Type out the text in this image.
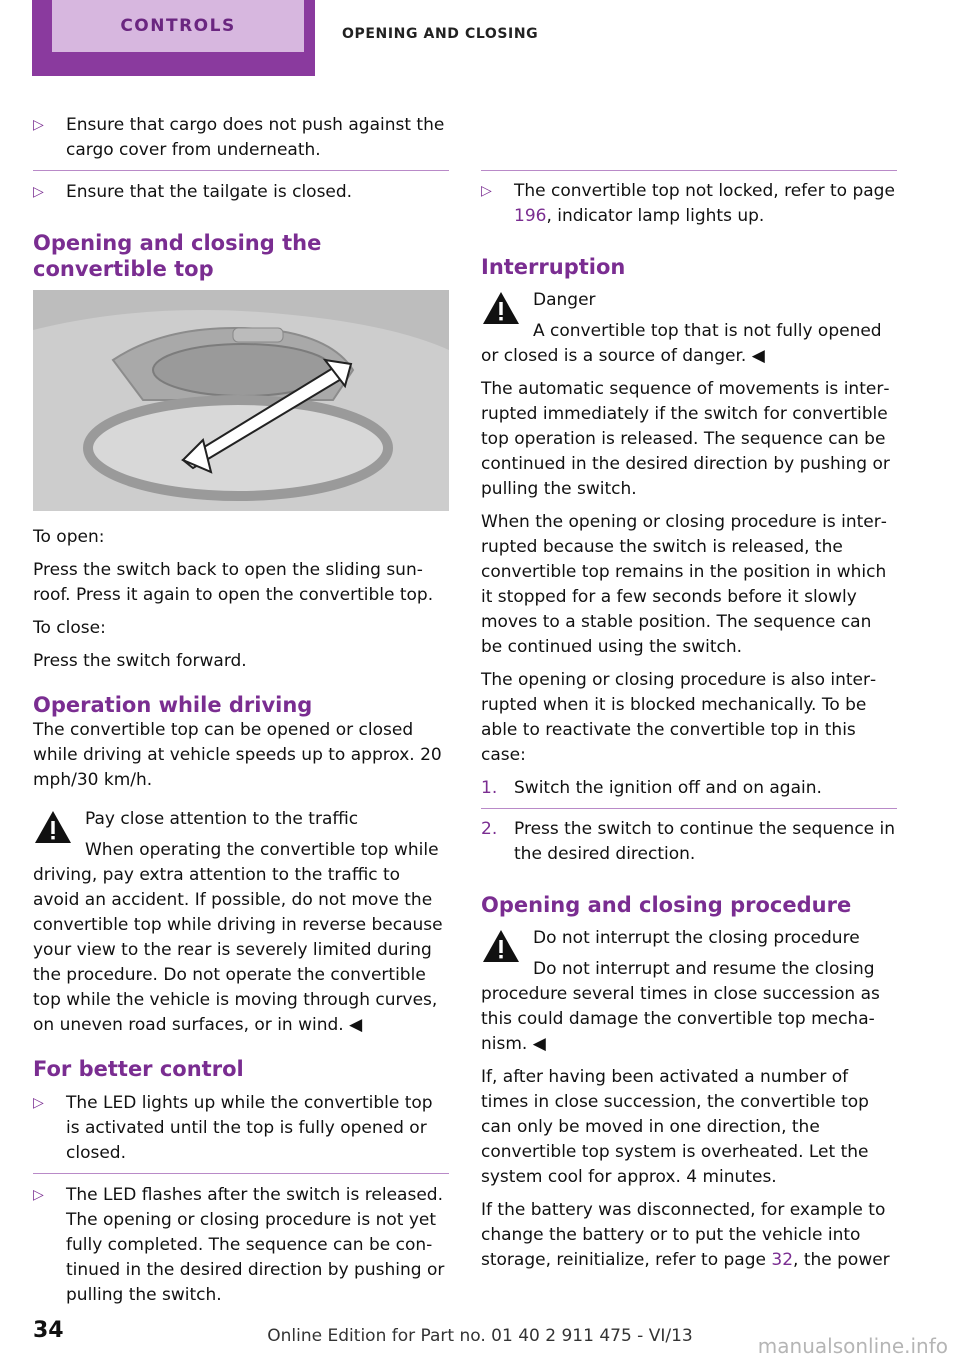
CONTROLS	OPENING AND CLOSING
▷ Ensure that cargo does not push against the cargo cover from underneath.
▷ Ensure that the tailgate is closed.
Opening and closing the convertible top

To open:

Press the switch back to open the sliding sunroof. Press it again to open the convertible top.

To close:

Press the switch forward.

Operation while driving

The convertible top can be opened or closed while driving at vehicle speeds up to approx. 20 mph/30 km/h.

Pay close attention to the traffic

When operating the convertible top while driving, pay extra attention to the traffic to avoid an accident. If possible, do not move the convertible top while driving in reverse because your view to the rear is severely limited during the procedure. Do not operate the convertible top while the vehicle is moving through curves, on uneven road surfaces, or in wind. ◀

For better control
▷ The LED lights up while the convertible top is activated until the top is fully opened or closed.
▷ The LED flashes after the switch is released. The opening or closing procedure is not yet fully completed. The sequence can be continued in the desired direction by pushing or pulling the switch.
▷ The convertible top not locked, refer to page 196, indicator lamp lights up.
Interruption

Danger

A convertible top that is not fully opened or closed is a source of danger. ◀

The automatic sequence of movements is interrupted immediately if the switch for convertible top operation is released. The sequence can be continued in the desired direction by pushing or pulling the switch.

When the opening or closing procedure is interrupted because the switch is released, the convertible top remains in the position in which it stopped for a few seconds before it slowly moves to a stable position. The sequence can be continued using the switch.

The opening or closing procedure is also interrupted when it is blocked mechanically. To be able to reactivate the convertible top in this case:

1. Switch the ignition off and on again.
2. Press the switch to continue the sequence in the desired direction.
Opening and closing procedure

Do not interrupt the closing procedure

Do not interrupt and resume the closing procedure several times in close succession as this could damage the convertible top mechanism. ◀

If, after having been activated a number of times in close succession, the convertible top can only be moved in one direction, the convertible top system is overheated. Let the system cool for approx. 4 minutes.

If the battery was disconnected, for example to change the battery or to put the vehicle into storage, reinitialize, refer to page 32, the power

34	Online Edition for Part no. 01 40 2 911 475 - VI/13	manualsonline.info
